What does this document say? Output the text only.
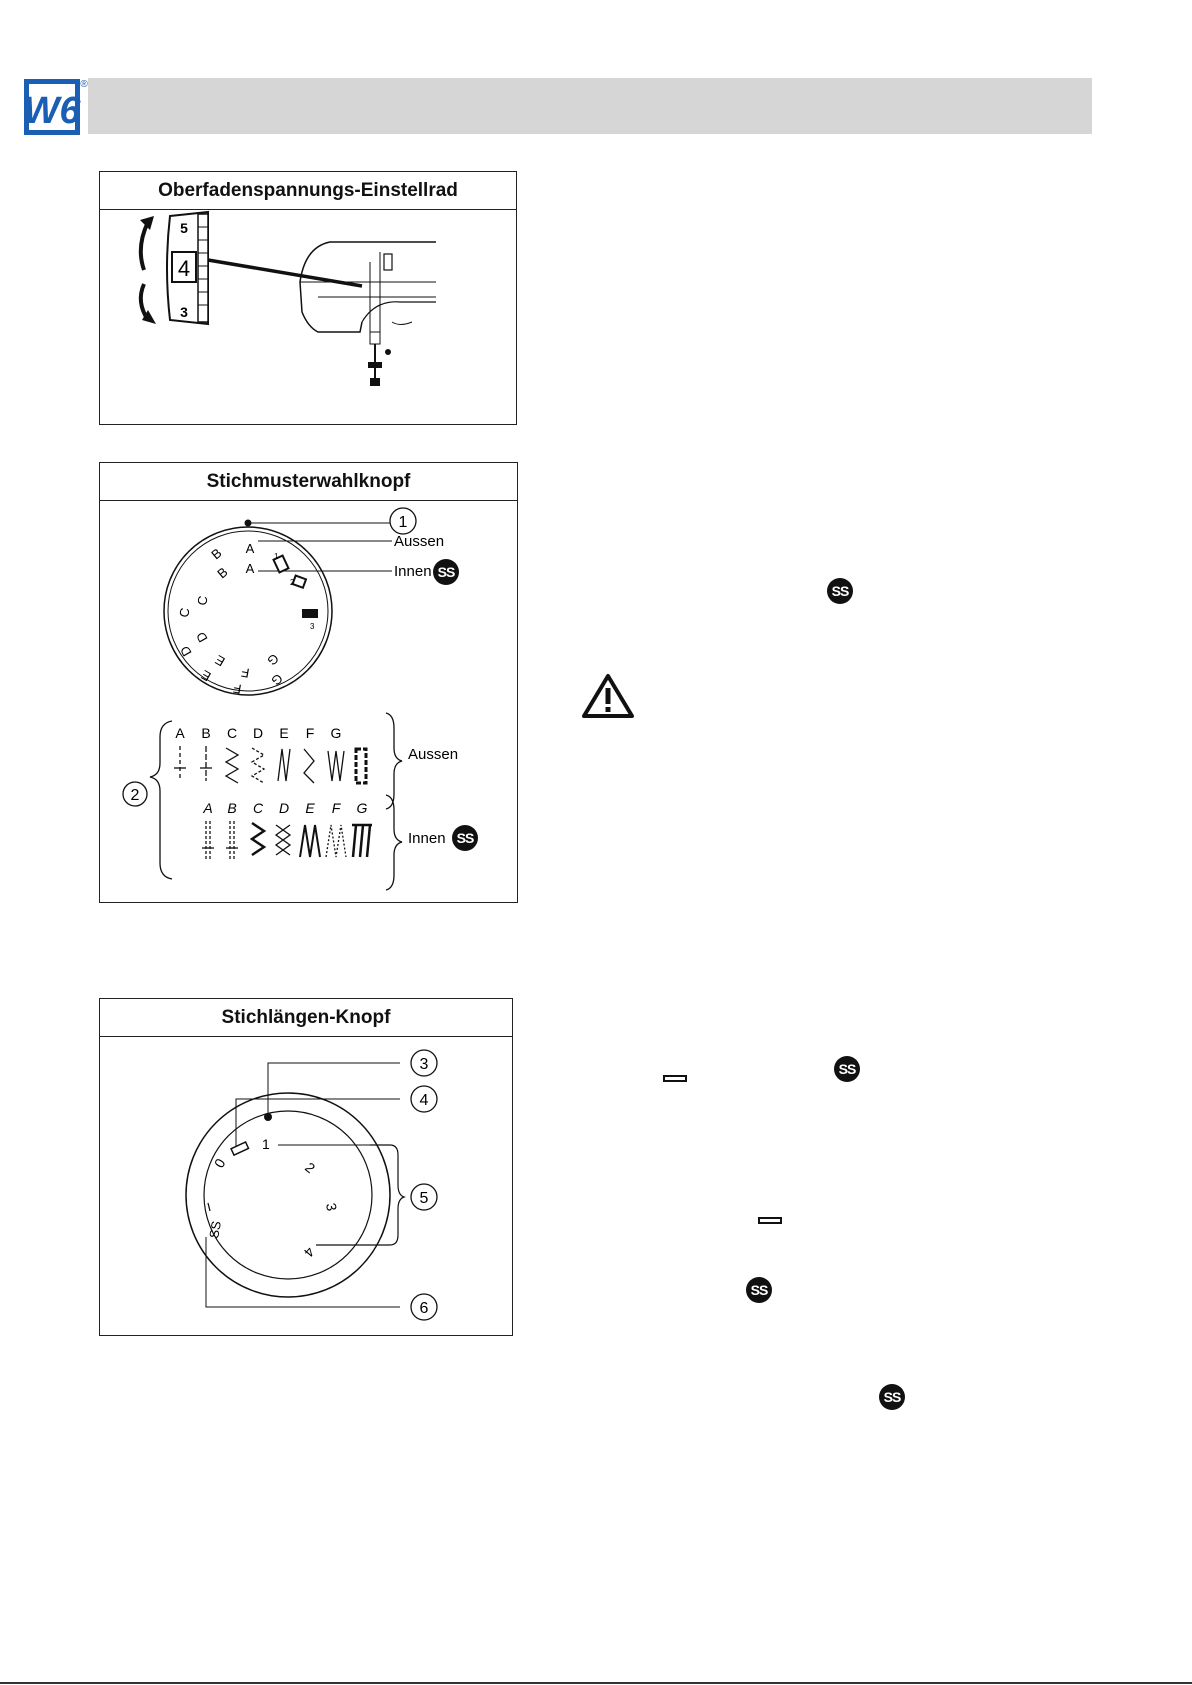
W6
®
Oberfadenspannungs-Einstellrad
5
4
3
Stichmusterwahlknopf
1
A
A
Aussen
Innen
1
2
3
B
B
C
C
D
D
E
E
F
F G
G
A B C D E F G
Aussen
A B C D E F G
Innen
2
SS
SS
Stichlängen-Knopf
3
4
5
6
0
1
2
3
4
SS
SS
SS
SS
SS
